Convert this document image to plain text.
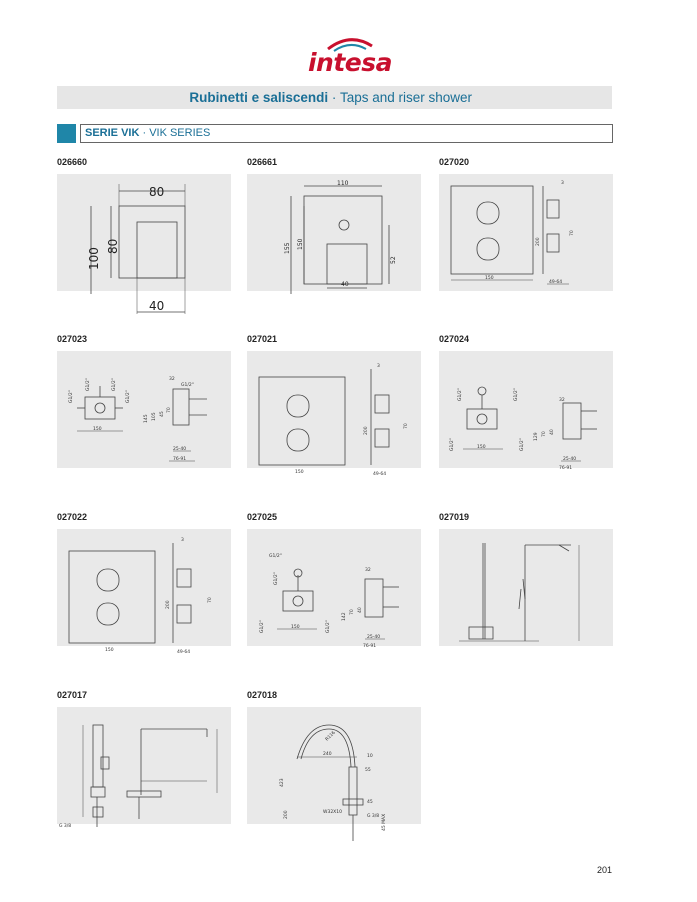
intesa
Rubinetti e saliscendi · Taps and riser shower
SERIE VIK · VIK SERIES
026660
80
100
80
40
026661
110
155 150
52
40
027020
3
200
70
150
49-64
027023
G1/2"	G1/2"
G1/2"	G1/2"
150
32
G1/2"
145 105 45
70
25-40
76-91
027021
3
200
70
150	49-64
027024
G1/2"	G1/2"
G1/2"	G1/2"
150
32
129 70 40
25-40
76-91
027022
3
200
70
150	49-64
027025
G1/2"
G1/2"
G1/2"	G1/2"
150
32
142
70 40
25-40
76-91
027019
027017
G 3/8
027018
R116
240	10
423
55
45
W32X10
200	G 3/8 45 MAX
201
